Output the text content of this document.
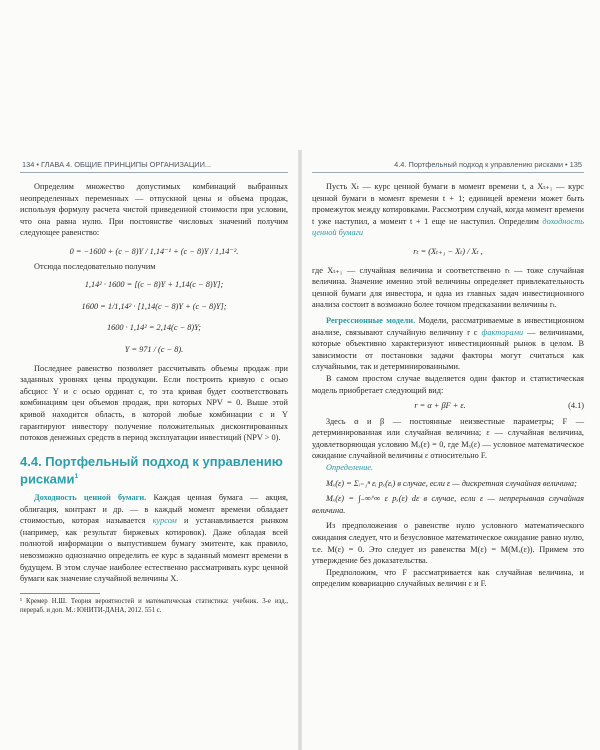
134 • ГЛАВА 4. ОБЩИЕ ПРИНЦИПЫ ОРГАНИЗАЦИИ...

Определим множество допустимых комбинаций выбранных неопределенных переменных — отпускной цены и объема продаж, используя формулу расчета чистой приведенной стоимости при условии, что она равна нулю. При постоянстве числовых значений получим следующее равенство:

0 = −1600 + (c − 8)Y / 1,14⁻¹ + (c − 8)Y / 1,14⁻².

Отсюда последовательно получим

1,14² · 1600 = [(c − 8)Y + 1,14(c − 8)Y];
1600 = 1/1,14² · [1,14(c − 8)Y + (c − 8)Y];
1600 · 1,14² = 2,14(c − 8)Y;
Y = 971 / (c − 8).

Последнее равенство позволяет рассчитывать объемы продаж при заданных уровнях цены продукции. Если построить кривую с осью абсцисс Y и с осью ординат c, то эта кривая будет соответствовать комбинациям цен объемов продаж, при которых NPV = 0. Выше этой кривой находится область, в которой любые комбинации c и Y гарантируют инвестору получение положительных дисконтированных потоков денежных средств в период эксплуатации инвестиций (NPV > 0).

4.4. Портфельный подход к управлению рисками$^1$

Доходность ценной бумаги. Каждая ценная бумага — акция, облигация, контракт и др. — в каждый момент времени обладает стоимостью, которая называется курсом и устанавливается рынком (например, как результат биржевых котировок). Даже обладая всей полнотой информации о выпустившем бумагу эмитенте, как правило, невозможно однозначно определить ее курс в заданный момент времени в будущем. В этом случае наиболее естественно рассматривать курс ценной бумаги как значение случайной величины X.

¹ Кремер Н.Ш. Теория вероятностей и математическая статистика: учебник. 3-е изд., перераб. и доп. М.: ЮНИТИ-ДАНА, 2012. 551 с.

4.4. Портфельный подход к управлению рисками • 135

Пусть Xₜ — курс ценной бумаги в момент времени t, а Xₜ₊₁ — курс ценной бумаги в момент времени t + 1; единицей времени может быть промежуток между котировками. Рассмотрим случай, когда момент времени t уже наступил, а момент t + 1 еще не наступил. Определим доходность ценной бумаги

rₜ = (Xₜ₊₁ − Xₜ) / Xₜ ,

где Xₜ₊₁ — случайная величина и соответственно rₜ — тоже случайная величина. Значение именно этой величины определяет привлекательность ценной бумаги для инвестора, и одна из главных задач инвестиционного анализа состоит в возможно более точном предсказании величины rₜ.

Регрессионные модели. Модели, рассматриваемые в инвестиционном анализе, связывают случайную величину r с факторами — величинами, которые объективно характеризуют инвестиционный рынок в целом. В зависимости от постановки задачи факторы могут считаться как случайными, так и детерминированными.

В самом простом случае выделяется один фактор и статистическая модель приобретает следующий вид:

r = α + βF + ε.	(4.1)

Здесь α и β — постоянные неизвестные параметры; F — детерминированная или случайная величина; ε — случайная величина, удовлетворяющая условию Mₓ(ε) = 0, где Mₓ(ε) — условное математическое ожидание случайной величины ε относительно F.

Определение.

Mₓ(ε) = Σᵢ₌₁ⁿ εᵢ pₓ(εᵢ) в случае, если ε — дискретная случайная величина;

Mₓ(ε) = ∫₋∞^∞ ε pₓ(ε) dε в случае, если ε — непрерывная случайная величина.

Из предположения о равенстве нулю условного математического ожидания следует, что и безусловное математическое ожидание равно нулю, т.е. M(ε) = 0. Это следует из равенства M(ε) = M(Mₓ(ε)). Примем это утверждение без доказательства.

Предположим, что F рассматривается как случайная величина, и определим ковариацию случайных величин ε и F.
